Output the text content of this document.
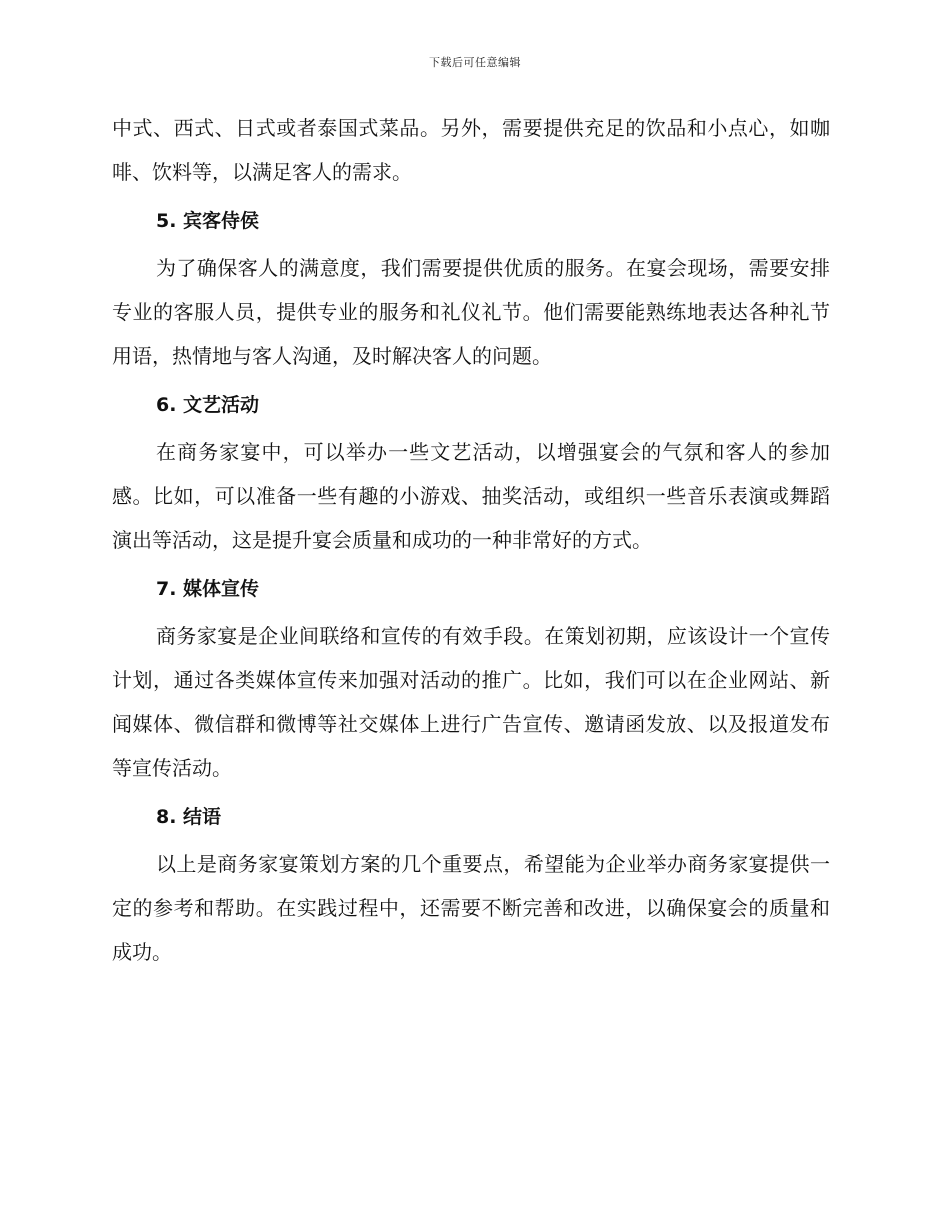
下载后可任意编辑

中式、西式、日式或者泰国式菜品。另外，需要提供充足的饮品和小点心，如咖啡、饮料等，以满足客人的需求。

5. 宾客侍侯

为了确保客人的满意度，我们需要提供优质的服务。在宴会现场，需要安排专业的客服人员，提供专业的服务和礼仪礼节。他们需要能熟练地表达各种礼节用语，热情地与客人沟通，及时解决客人的问题。

6. 文艺活动

在商务家宴中，可以举办一些文艺活动，以增强宴会的气氛和客人的参加感。比如，可以准备一些有趣的小游戏、抽奖活动，或组织一些音乐表演或舞蹈演出等活动，这是提升宴会质量和成功的一种非常好的方式。

7. 媒体宣传

商务家宴是企业间联络和宣传的有效手段。在策划初期，应该设计一个宣传计划，通过各类媒体宣传来加强对活动的推广。比如，我们可以在企业网站、新闻媒体、微信群和微博等社交媒体上进行广告宣传、邀请函发放、以及报道发布等宣传活动。

8. 结语

以上是商务家宴策划方案的几个重要点，希望能为企业举办商务家宴提供一定的参考和帮助。在实践过程中，还需要不断完善和改进，以确保宴会的质量和成功。
